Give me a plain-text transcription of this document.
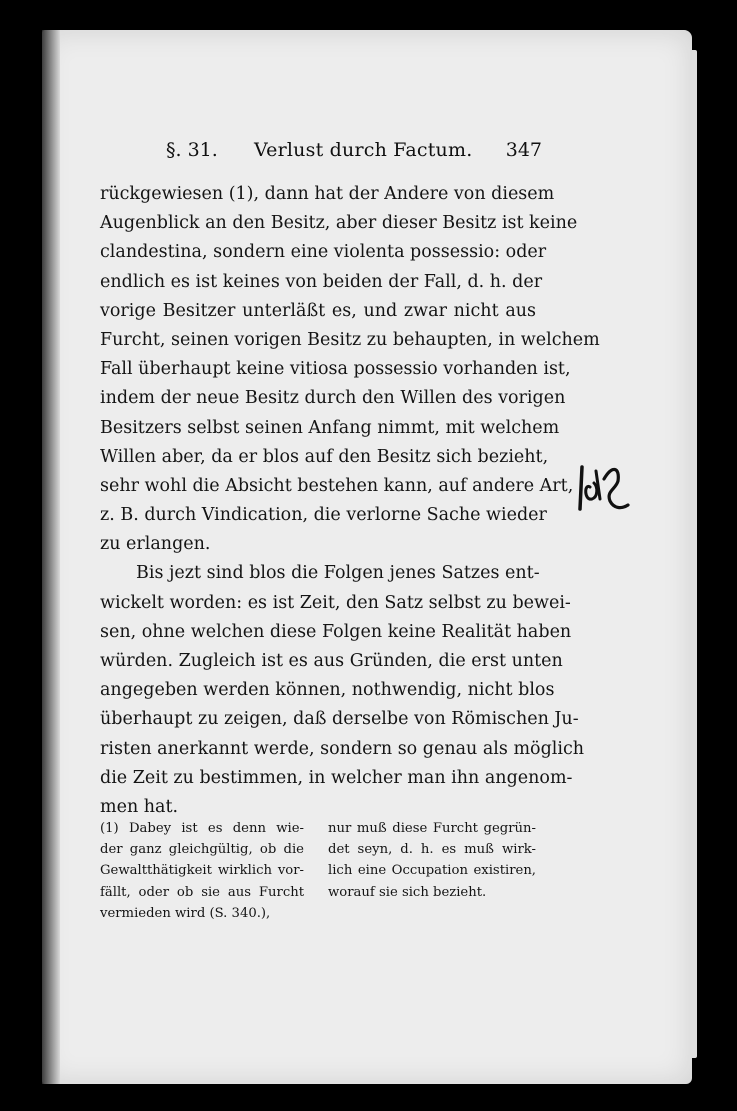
§. 31. Verlust durch Factum. 347
rückgewiesen (1), dann hat der Andere von diesem
Augenblick an den Besitz, aber dieser Besitz ist keine
clandestina, sondern eine violenta possessio: oder
endlich es ist keines von beiden der Fall, d. h. der
vorige Besitzer unterläßt es, und zwar nicht aus
Furcht, seinen vorigen Besitz zu behaupten, in welchem
Fall überhaupt keine vitiosa possessio vorhanden ist,
indem der neue Besitz durch den Willen des vorigen
Besitzers selbst seinen Anfang nimmt, mit welchem
Willen aber, da er blos auf den Besitz sich bezieht,
sehr wohl die Absicht bestehen kann, auf andere Art,
z. B. durch Vindication, die verlorne Sache wieder
zu erlangen.
Bis jezt sind blos die Folgen jenes Satzes ent-
wickelt worden: es ist Zeit, den Satz selbst zu bewei-
sen, ohne welchen diese Folgen keine Realität haben
würden. Zugleich ist es aus Gründen, die erst unten
angegeben werden können, nothwendig, nicht blos
überhaupt zu zeigen, daß derselbe von Römischen Ju-
risten anerkannt werde, sondern so genau als möglich
die Zeit zu bestimmen, in welcher man ihn angenom-
men hat.
(1) Dabey ist es denn wie-
der ganz gleichgültig, ob die
Gewaltthätigkeit wirklich vor-
fällt, oder ob sie aus Furcht
vermieden wird (S. 340.),
nur muß diese Furcht gegrün-
det seyn, d. h. es muß wirk-
lich eine Occupation existiren,
worauf sie sich bezieht.
